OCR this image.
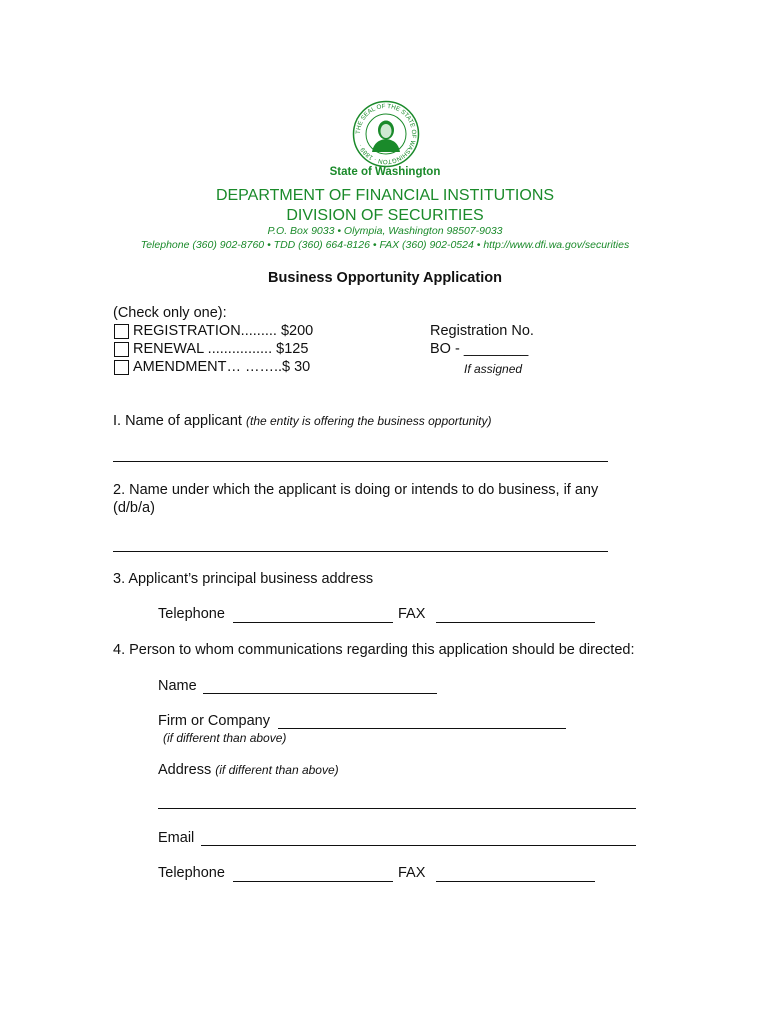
THE SEAL OF THE STATE OF WASHINGTON · 1889 ·
State of Washington
DEPARTMENT OF FINANCIAL INSTITUTIONS
DIVISION OF SECURITIES
P.O. Box 9033 • Olympia, Washington 98507-9033
Telephone (360) 902-8760 • TDD (360) 664-8126 • FAX (360) 902-0524 • http://www.dfi.wa.gov/securities
Business Opportunity Application
(Check only one):
REGISTRATION......... $200
RENEWAL ................ $125
AMENDMENT… ……..$ 30
Registration No.
BO - ________
If assigned
I. Name of applicant (the entity is offering the business opportunity)
2. Name under which the applicant is doing or intends to do business, if any
(d/b/a)
3. Applicant’s principal business address
Telephone	FAX
4. Person to whom communications regarding this application should be directed:
Name
Firm or Company
(if different than above)
Address (if different than above)
Email
Telephone	FAX
